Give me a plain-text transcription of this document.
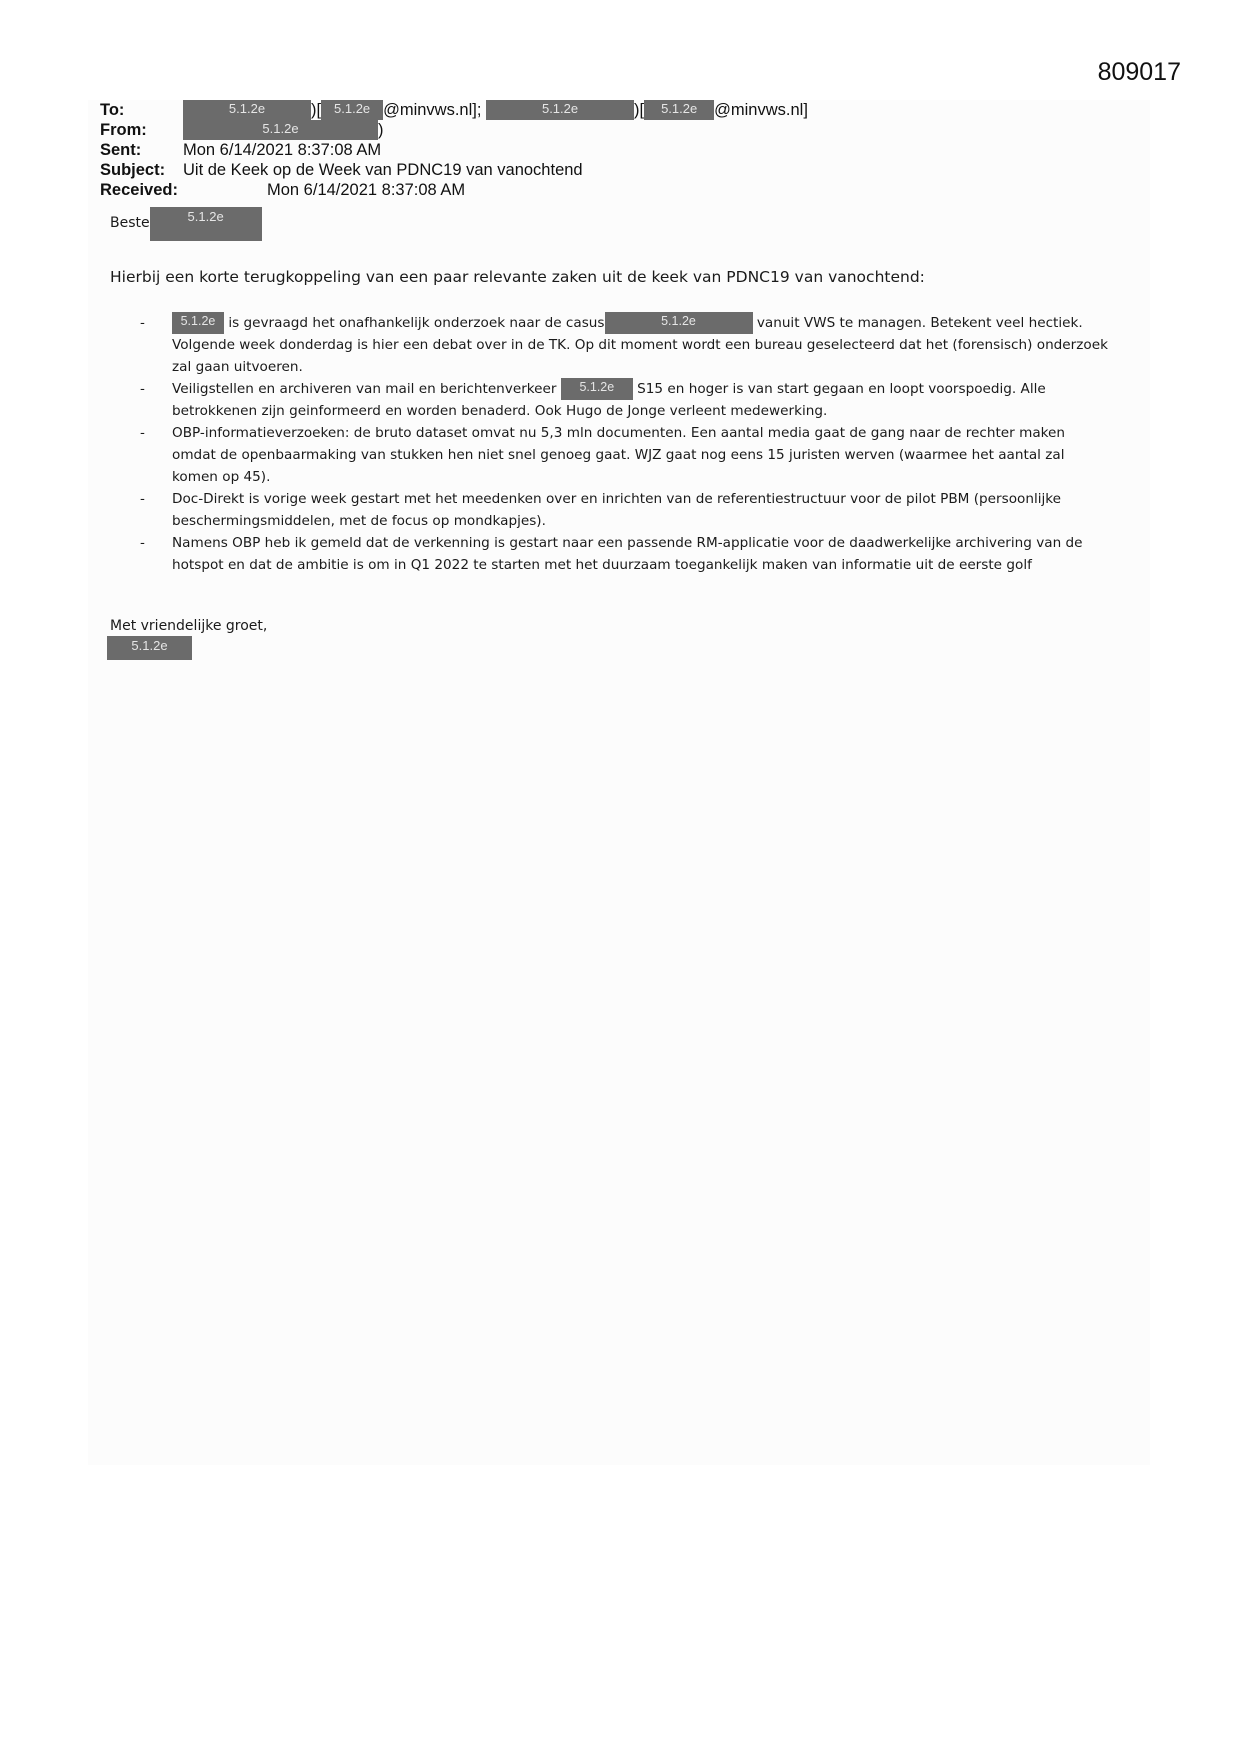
809017
To:	5.1.2e	)[ 5.1.2e @minvws.nl];	5.1.2e	)[ 5.1.2e @minvws.nl]
From:	5.1.2e	)
Sent:	Mon 6/14/2021 8:37:08 AM
Subject: Uit de Keek op de Week van PDNC19 van vanochtend
Received:	Mon 6/14/2021 8:37:08 AM
Beste	5.1.2e
Hierbij een korte terugkoppeling van een paar relevante zaken uit de keek van PDNC19 van vanochtend:
-	5.1.2e is gevraagd het onafhankelijk onderzoek naar de casus	5.1.2e	vanuit VWS te managen. Betekent veel hectiek. Volgende week donderdag is hier een debat over in de TK. Op dit moment wordt een bureau geselecteerd dat het (forensisch) onderzoek zal gaan uitvoeren.
- Veiligstellen en archiveren van mail en berichtenverkeer 5.1.2e S15 en hoger is van start gegaan en loopt voorspoedig. Alle betrokkenen zijn geinformeerd en worden benaderd. Ook Hugo de Jonge verleent medewerking.
- OBP-informatieverzoeken: de bruto dataset omvat nu 5,3 mln documenten. Een aantal media gaat de gang naar de rechter maken omdat de openbaarmaking van stukken hen niet snel genoeg gaat. WJZ gaat nog eens 15 juristen werven (waarmee het aantal zal komen op 45).
- Doc-Direkt is vorige week gestart met het meedenken over en inrichten van de referentiestructuur voor de pilot PBM (persoonlijke beschermingsmiddelen, met de focus op mondkapjes).
- Namens OBP heb ik gemeld dat de verkenning is gestart naar een passende RM-applicatie voor de daadwerkelijke archivering van de hotspot en dat de ambitie is om in Q1 2022 te starten met het duurzaam toegankelijk maken van informatie uit de eerste golf
Met vriendelijke groet,
5.1.2e
